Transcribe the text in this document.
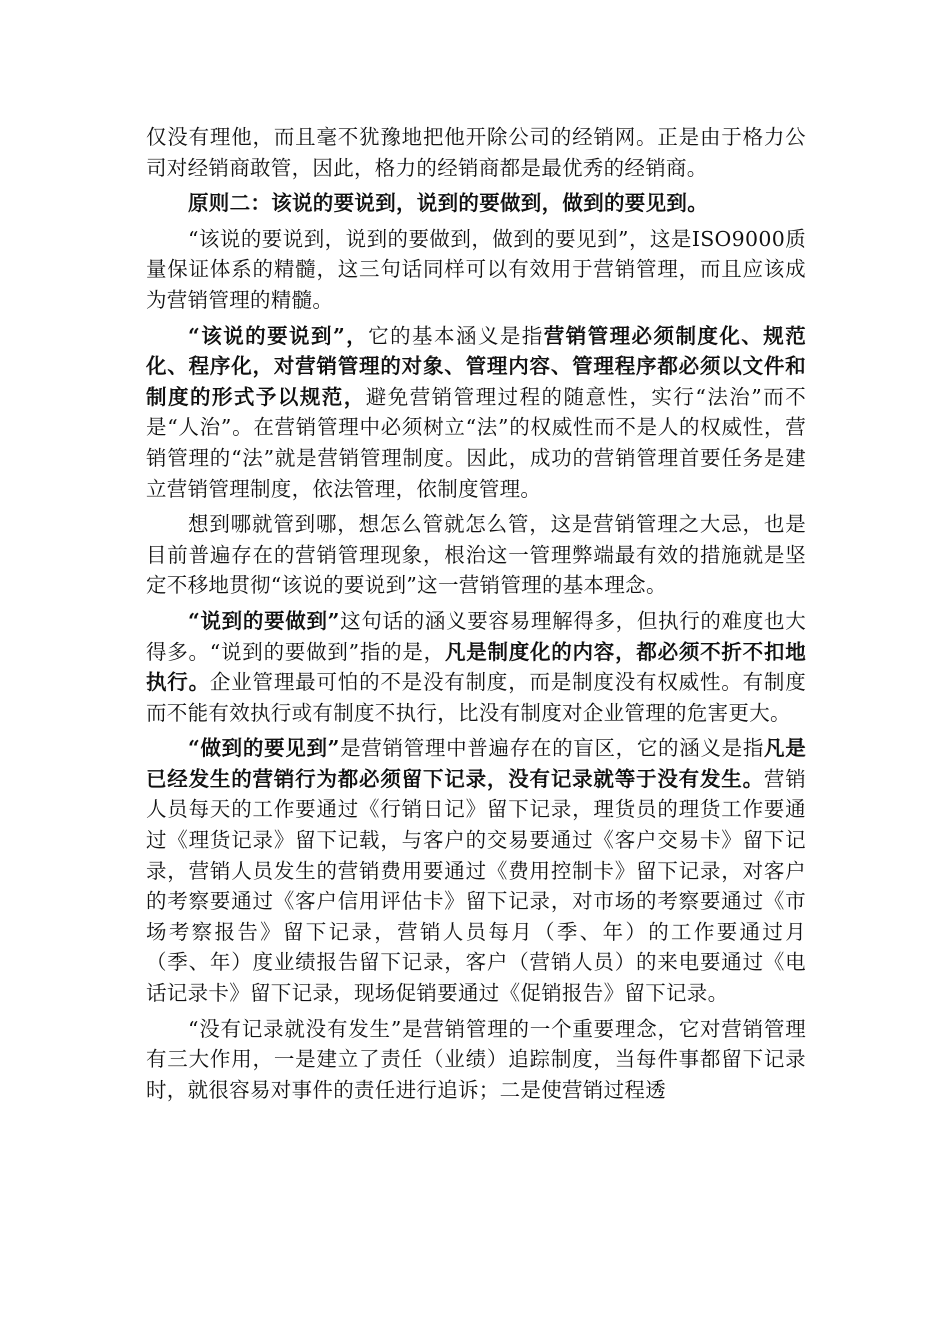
仅没有理他，而且毫不犹豫地把他开除公司的经销网。正是由于格力公司对经销商敢管，因此，格力的经销商都是最优秀的经销商。

原则二：该说的要说到，说到的要做到，做到的要见到。

“该说的要说到，说到的要做到，做到的要见到”，这是ISO9000质量保证体系的精髓，这三句话同样可以有效用于营销管理，而且应该成为营销管理的精髓。

“该说的要说到”，它的基本涵义是指营销管理必须制度化、规范化、程序化，对营销管理的对象、管理内容、管理程序都必须以文件和制度的形式予以规范，避免营销管理过程的随意性，实行“法治”而不是“人治”。在营销管理中必须树立“法”的权威性而不是人的权威性，营销管理的“法”就是营销管理制度。因此，成功的营销管理首要任务是建立营销管理制度，依法管理，依制度管理。

想到哪就管到哪，想怎么管就怎么管，这是营销管理之大忌，也是目前普遍存在的营销管理现象，根治这一管理弊端最有效的措施就是坚定不移地贯彻“该说的要说到”这一营销管理的基本理念。

“说到的要做到”这句话的涵义要容易理解得多，但执行的难度也大得多。“说到的要做到”指的是，凡是制度化的内容，都必须不折不扣地执行。企业管理最可怕的不是没有制度，而是制度没有权威性。有制度而不能有效执行或有制度不执行，比没有制度对企业管理的危害更大。

“做到的要见到”是营销管理中普遍存在的盲区，它的涵义是指凡是已经发生的营销行为都必须留下记录，没有记录就等于没有发生。营销人员每天的工作要通过《行销日记》留下记录，理货员的理货工作要通过《理货记录》留下记载，与客户的交易要通过《客户交易卡》留下记录，营销人员发生的营销费用要通过《费用控制卡》留下记录，对客户的考察要通过《客户信用评估卡》留下记录，对市场的考察要通过《市场考察报告》留下记录，营销人员每月（季、年）的工作要通过月（季、年）度业绩报告留下记录，客户（营销人员）的来电要通过《电话记录卡》留下记录，现场促销要通过《促销报告》留下记录。

“没有记录就没有发生”是营销管理的一个重要理念，它对营销管理有三大作用，一是建立了责任（业绩）追踪制度，当每件事都留下记录时，就很容易对事件的责任进行追诉；二是使营销过程透
